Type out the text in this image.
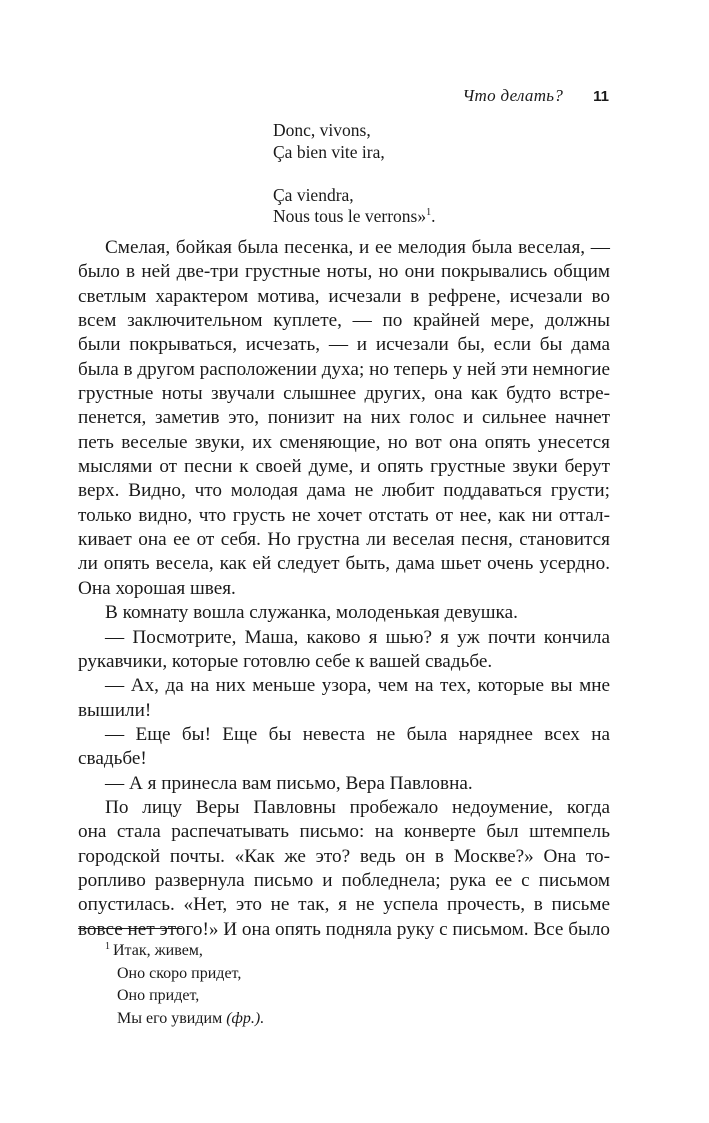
Что делать? 11
Donc, vivons,
Ça bien vite ira,
Ça viendra,
Nous tous le verrons»$^1$.

Смелая, бойкая была песенка, и ее мелодия была веселая, —

было в ней две-три грустные ноты, но они покрывались общим

светлым характером мотива, исчезали в рефрене, исчезали во

всем заключительном куплете, — по крайней мере, должны

были покрываться, исчезать, — и исчезали бы, если бы дама

была в другом расположении духа; но теперь у ней эти немногие

грустные ноты звучали слышнее других, она как будто встре-

пенется, заметив это, понизит на них голос и сильнее начнет

петь веселые звуки, их сменяющие, но вот она опять унесется

мыслями от песни к своей думе, и опять грустные звуки берут

верх. Видно, что молодая дама не любит поддаваться грусти;

только видно, что грусть не хочет отстать от нее, как ни оттал-

кивает она ее от себя. Но грустна ли веселая песня, становится

ли опять весела, как ей следует быть, дама шьет очень усердно.

Она хорошая швея.

В комнату вошла служанка, молоденькая девушка.

— Посмотрите, Маша, каково я шью? я уж почти кончила

рукавчики, которые готовлю себе к вашей свадьбе.

— Ах, да на них меньше узора, чем на тех, которые вы мне

вышили!

— Еще бы! Еще бы невеста не была наряднее всех на свадьбе!

— А я принесла вам письмо, Вера Павловна.

По лицу Веры Павловны пробежало недоумение, когда

она стала распечатывать письмо: на конверте был штемпель

городской почты. «Как же это? ведь он в Москве?» Она то-

ропливо развернула письмо и побледнела; рука ее с письмом

опустилась. «Нет, это не так, я не успела прочесть, в письме

вовсе нет этого!» И она опять подняла руку с письмом. Все было

$^1$ Итак, живем,
Оно скоро придет,
Оно придет,
Мы его увидим (фр.).
